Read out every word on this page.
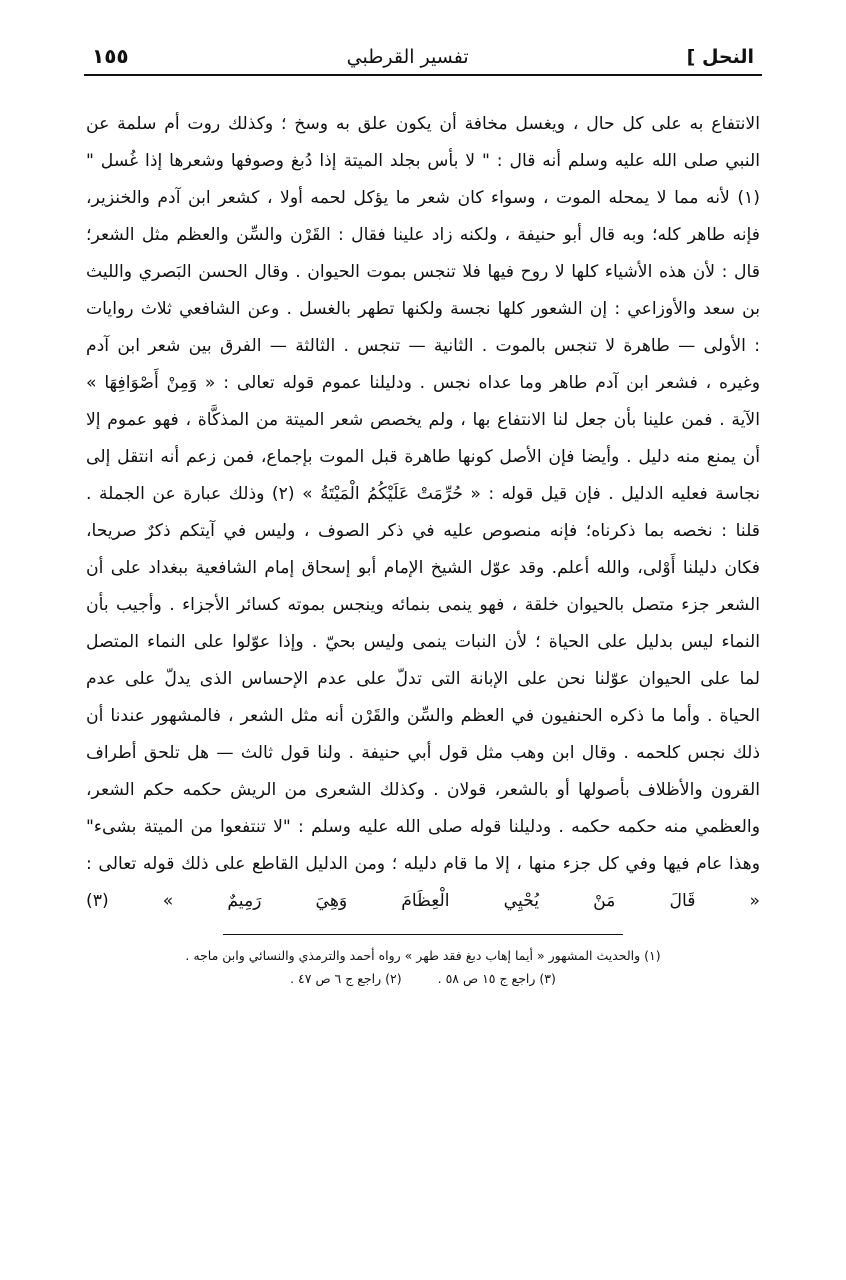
١٥٥	تفسير القرطبي	النحل ]

الانتفاع به على كل حال ، ويغسل مخافة أن يكون علق به وسخ ؛ وكذلك روت أم سلمة عن النبي صلى الله عليه وسلم أنه قال : " لا بأس بجلد الميتة إذا دُبغ وصوفها وشعرها إذا غُسل " (١) لأنه مما لا يمحله الموت ، وسواء كان شعر ما يؤكل لحمه أولا ، كشعر ابن آدم والخنزير، فإنه طاهر كله؛ وبه قال أبو حنيفة ، ولكنه زاد علينا فقال : القَرْن والسِّن والعظم مثل الشعر؛ قال : لأن هذه الأشياء كلها لا روح فيها فلا تنجس بموت الحيوان . وقال الحسن البَصري والليث بن سعد والأوزاعي : إن الشعور كلها نجسة ولكنها تطهر بالغسل . وعن الشافعي ثلاث روايات : الأولى — طاهرة لا تنجس بالموت . الثانية — تنجس . الثالثة — الفرق بين شعر ابن آدم وغيره ، فشعر ابن آدم طاهر وما عداه نجس . ودليلنا عموم قوله تعالى : « وَمِنْ أَصْوَافِهَا » الآية . فمن علينا بأن جعل لنا الانتفاع بها ، ولم يخصص شعر الميتة من المذكَّاة ، فهو عموم إلا أن يمنع منه دليل . وأيضا فإن الأصل كونها طاهرة قبل الموت بإجماع، فمن زعم أنه انتقل إلى نجاسة فعليه الدليل . فإن قيل قوله : « حُرِّمَتْ عَلَيْكُمُ الْمَيْتَةُ » (٢) وذلك عبارة عن الجملة . قلنا : نخصه بما ذكرناه؛ فإنه منصوص عليه في ذكر الصوف ، وليس في آيتكم ذكرٌ صريحا، فكان دليلنا أَوْلى، والله أعلم. وقد عوّل الشيخ الإمام أبو إسحاق إمام الشافعية ببغداد على أن الشعر جزء متصل بالحيوان خلقة ، فهو ينمى بنمائه وينجس بموته كسائر الأجزاء . وأجيب بأن النماء ليس بدليل على الحياة ؛ لأن النبات ينمى وليس بحيّ . وإذا عوّلوا على النماء المتصل لما على الحيوان عوّلنا نحن على الإبانة التى تدلّ على عدم الإحساس الذى يدلّ على عدم الحياة . وأما ما ذكره الحنفيون في العظم والسِّن والقَرْن أنه مثل الشعر ، فالمشهور عندنا أن ذلك نجس كلحمه . وقال ابن وهب مثل قول أبي حنيفة . ولنا قول ثالث — هل تلحق أطراف القرون والأظلاف بأصولها أو بالشعر، قولان . وكذلك الشعرى من الريش حكمه حكم الشعر، والعظمي منه حكمه حكمه . ودليلنا قوله صلى الله عليه وسلم : "لا تنتفعوا من الميتة بشىء" وهذا عام فيها وفي كل جزء منها ، إلا ما قام دليله ؛ ومن الدليل القاطع على ذلك قوله تعالى : « قَالَ مَنْ يُحْيِي الْعِظَامَ وَهِيَ رَمِيمٌ » (٣)

(١) والحديث المشهور « أيما إهاب دبغ فقد طهر » رواه أحمد والترمذي والنسائي وابن ماجه .
(٣) راجع ج ١٥ ص ٥٨ .
(٢) راجع ج ٦ ص ٤٧ .
